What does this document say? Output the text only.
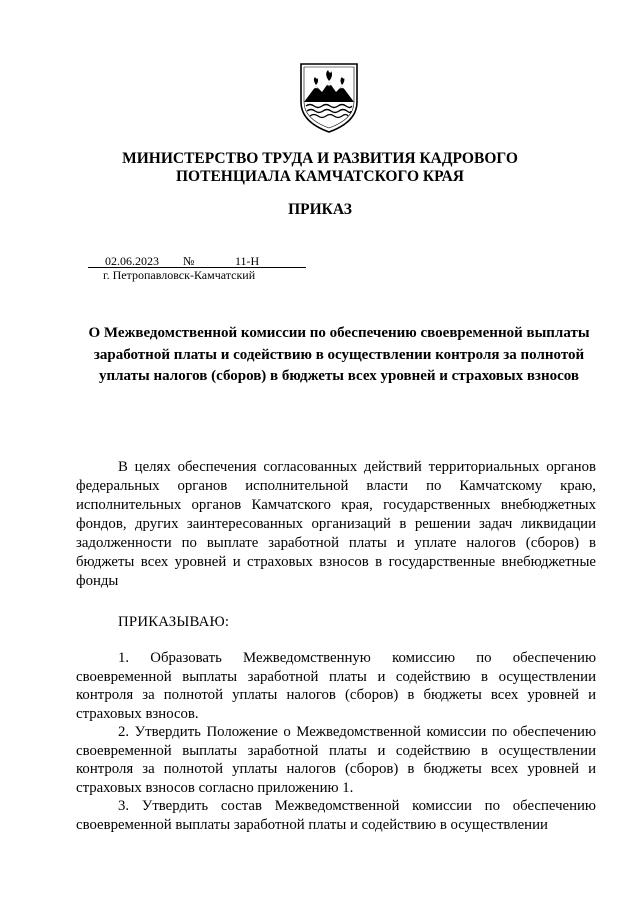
МИНИСТЕРСТВО ТРУДА И РАЗВИТИЯ КАДРОВОГО
ПОТЕНЦИАЛА КАМЧАТСКОГО КРАЯ
ПРИКАЗ
02.06.2023 №	11-Н
г. Петропавловск-Камчатский
О Межведомственной комиссии по обеспечению своевременной выплаты заработной платы и содействию в осуществлении контроля за полнотой уплаты налогов (сборов) в бюджеты всех уровней и страховых взносов
В целях обеспечения согласованных действий территориальных органов федеральных органов исполнительной власти по Камчатскому краю, исполнительных органов Камчатского края, государственных внебюджетных фондов, других заинтересованных организаций в решении задач ликвидации задолженности по выплате заработной платы и уплате налогов (сборов) в бюджеты всех уровней и страховых взносов в государственные внебюджетные фонды
ПРИКАЗЫВАЮ:

1. Образовать Межведомственную комиссию по обеспечению своевременной выплаты заработной платы и содействию в осуществлении контроля за полнотой уплаты налогов (сборов) в бюджеты всех уровней и страховых взносов.

2. Утвердить Положение о Межведомственной комиссии по обеспечению своевременной выплаты заработной платы и содействию в осуществлении контроля за полнотой уплаты налогов (сборов) в бюджеты всех уровней и страховых взносов согласно приложению 1.

3. Утвердить состав Межведомственной комиссии по обеспечению своевременной выплаты заработной платы и содействию в осуществлении
